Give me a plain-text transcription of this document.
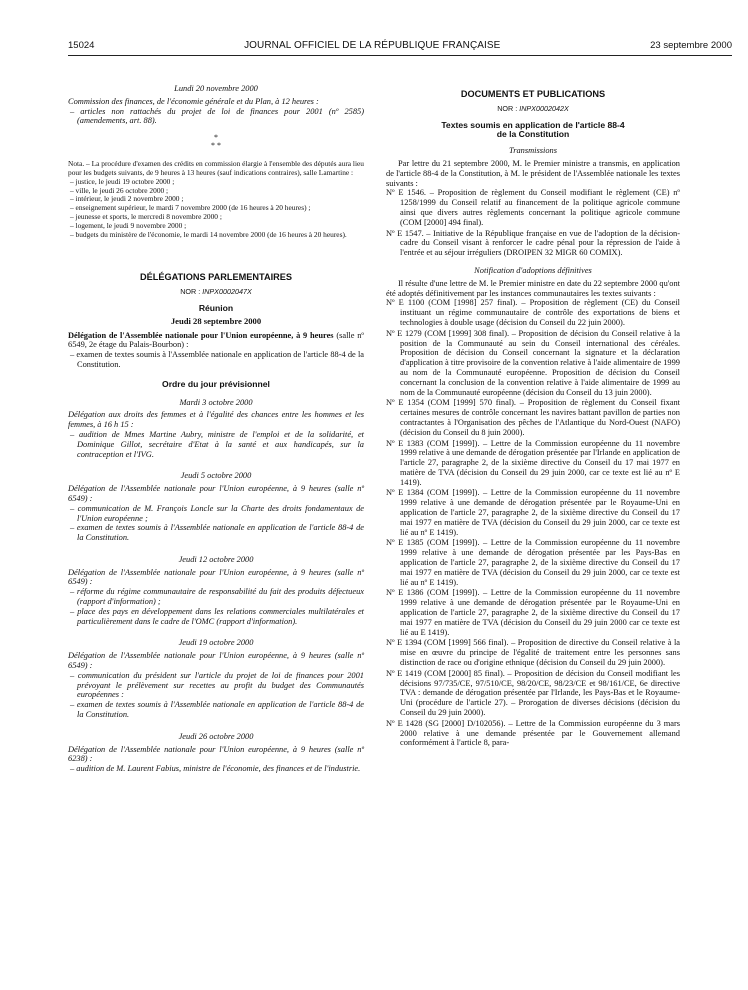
15024	JOURNAL OFFICIEL DE LA RÉPUBLIQUE FRANÇAISE	23 septembre 2000

Lundi 20 novembre 2000

Commission des finances, de l'économie générale et du Plan, à 12 heures :

– articles non rattachés du projet de loi de finances pour 2001 (nº 2585) (amendements, art. 88).
*
* *

Nota. – La procédure d'examen des crédits en commission élargie à l'ensemble des députés aura lieu pour les budgets suivants, de 9 heures à 13 heures (sauf indications contraires), salle Lamartine :

– justice, le jeudi 19 octobre 2000 ;
– ville, le jeudi 26 octobre 2000 ;
– intérieur, le jeudi 2 novembre 2000 ;
– enseignement supérieur, le mardi 7 novembre 2000 (de 16 heures à 20 heures) ;
– jeunesse et sports, le mercredi 8 novembre 2000 ;
– logement, le jeudi 9 novembre 2000 ;
– budgets du ministère de l'économie, le mardi 14 novembre 2000 (de 16 heures à 20 heures).
DÉLÉGATIONS PARLEMENTAIRES
NOR : INPX0002047X
Réunion
Jeudi 28 septembre 2000

Délégation de l'Assemblée nationale pour l'Union européenne, à 9 heures (salle nº 6549, 2e étage du Palais-Bourbon) :

– examen de textes soumis à l'Assemblée nationale en application de l'article 88-4 de la Constitution.
Ordre du jour prévisionnel

Mardi 3 octobre 2000

Délégation aux droits des femmes et à l'égalité des chances entre les hommes et les femmes, à 16 h 15 :

– audition de Mmes Martine Aubry, ministre de l'emploi et de la solidarité, et Dominique Gillot, secrétaire d'Etat à la santé et aux handicapés, sur la contraception et l'IVG.

Jeudi 5 octobre 2000

Délégation de l'Assemblée nationale pour l'Union européenne, à 9 heures (salle nº 6549) :

– communication de M. François Loncle sur la Charte des droits fondamentaux de l'Union européenne ;
– examen de textes soumis à l'Assemblée nationale en application de l'article 88-4 de la Constitution.

Jeudi 12 octobre 2000

Délégation de l'Assemblée nationale pour l'Union européenne, à 9 heures (salle nº 6549) :

– réforme du régime communautaire de responsabilité du fait des produits défectueux (rapport d'information) ;
– place des pays en développement dans les relations commerciales multilatérales et particulièrement dans le cadre de l'OMC (rapport d'information).

Jeudi 19 octobre 2000

Délégation de l'Assemblée nationale pour l'Union européenne, à 9 heures (salle nº 6549) :

– communication du président sur l'article du projet de loi de finances pour 2001 prévoyant le prélèvement sur recettes au profit du budget des Communautés européennes :
– examen de textes soumis à l'Assemblée nationale en application de l'article 88-4 de la Constitution.

Jeudi 26 octobre 2000

Délégation de l'Assemblée nationale pour l'Union européenne, à 9 heures (salle nº 6238) :

– audition de M. Laurent Fabius, ministre de l'économie, des finances et de l'industrie.
DOCUMENTS ET PUBLICATIONS
NOR : INPX0002042X
Textes soumis en application de l'article 88-4
de la Constitution

Transmissions

Par lettre du 21 septembre 2000, M. le Premier ministre a transmis, en application de l'article 88-4 de la Constitution, à M. le président de l'Assemblée nationale les textes suivants :

Nº E 1546. – Proposition de règlement du Conseil modifiant le règlement (CE) nº 1258/1999 du Conseil relatif au financement de la politique agricole commune ainsi que divers autres règlements concernant la politique agricole commune (COM [2000] 494 final).

Nº E 1547. – Initiative de la République française en vue de l'adoption de la décision-cadre du Conseil visant à renforcer le cadre pénal pour la répression de l'aide à l'entrée et au séjour irréguliers (DROIPEN 32 MIGR 60 COMIX).

Notification d'adoptions définitives

Il résulte d'une lettre de M. le Premier ministre en date du 22 septembre 2000 qu'ont été adoptés définitivement par les instances communautaires les textes suivants :

Nº E 1100 (COM [1998] 257 final). – Proposition de règlement (CE) du Conseil instituant un régime communautaire de contrôle des exportations de biens et technologies à double usage (décision du Conseil du 22 juin 2000).

Nº E 1279 (COM [1999] 308 final). – Proposition de décision du Conseil relative à la position de la Communauté au sein du Conseil international des céréales. Proposition de décision du Conseil concernant la signature et la déclaration d'application à titre provisoire de la convention relative à l'aide alimentaire de 1999 au nom de la Communauté européenne. Proposition de décision du Conseil concernant la conclusion de la convention relative à l'aide alimentaire de 1999 au nom de la Communauté européenne (décision du Conseil du 13 juin 2000).

Nº E 1354 (COM [1999] 570 final). – Proposition de règlement du Conseil fixant certaines mesures de contrôle concernant les navires battant pavillon de parties non contractantes à l'Organisation des pêches de l'Atlantique du Nord-Ouest (NAFO) (décision du Conseil du 8 juin 2000).

Nº E 1383 (COM [1999]). – Lettre de la Commission européenne du 11 novembre 1999 relative à une demande de dérogation présentée par l'Irlande en application de l'article 27, paragraphe 2, de la sixième directive du Conseil du 17 mai 1977 en matière de TVA (décision du Conseil du 29 juin 2000, car ce texte est lié au nº E 1419).

Nº E 1384 (COM [1999]). – Lettre de la Commission européenne du 11 novembre 1999 relative à une demande de dérogation présentée par le Royaume-Uni en application de l'article 27, paragraphe 2, de la sixième directive du Conseil du 17 mai 1977 en matière de TVA (décision du Conseil du 29 juin 2000, car ce texte est lié au nº E 1419).

Nº E 1385 (COM [1999]). – Lettre de la Commission européenne du 11 novembre 1999 relative à une demande de dérogation présentée par les Pays-Bas en application de l'article 27, paragraphe 2, de la sixième directive du Conseil du 17 mai 1977 en matière de TVA (décision du Conseil du 29 juin 2000, car ce texte est lié au nº E 1419).

Nº E 1386 (COM [1999]). – Lettre de la Commission européenne du 11 novembre 1999 relative à une demande de dérogation présentée par le Royaume-Uni en application de l'article 27, paragraphe 2, de la sixième directive du Conseil du 17 mai 1977 en matière de TVA (décision du Conseil du 29 juin 2000 car ce texte est lié au E 1419).

Nº E 1394 (COM [1999] 566 final). – Proposition de directive du Conseil relative à la mise en œuvre du principe de l'égalité de traitement entre les personnes sans distinction de race ou d'origine ethnique (décision du Conseil du 29 juin 2000).

Nº E 1419 (COM [2000] 85 final). – Proposition de décision du Conseil modifiant les décisions 97/735/CE, 97/510/CE, 98/20/CE, 98/23/CE et 98/161/CE, 6e directive TVA : demande de dérogation présentée par l'Irlande, les Pays-Bas et le Royaume-Uni (procédure de l'article 27). – Prorogation de diverses décisions (décision du Conseil du 29 juin 2000).

Nº E 1428 (SG [2000] D/102056). – Lettre de la Commission européenne du 3 mars 2000 relative à une demande présentée par le Gouvernement allemand conformément à l'article 8, para-
